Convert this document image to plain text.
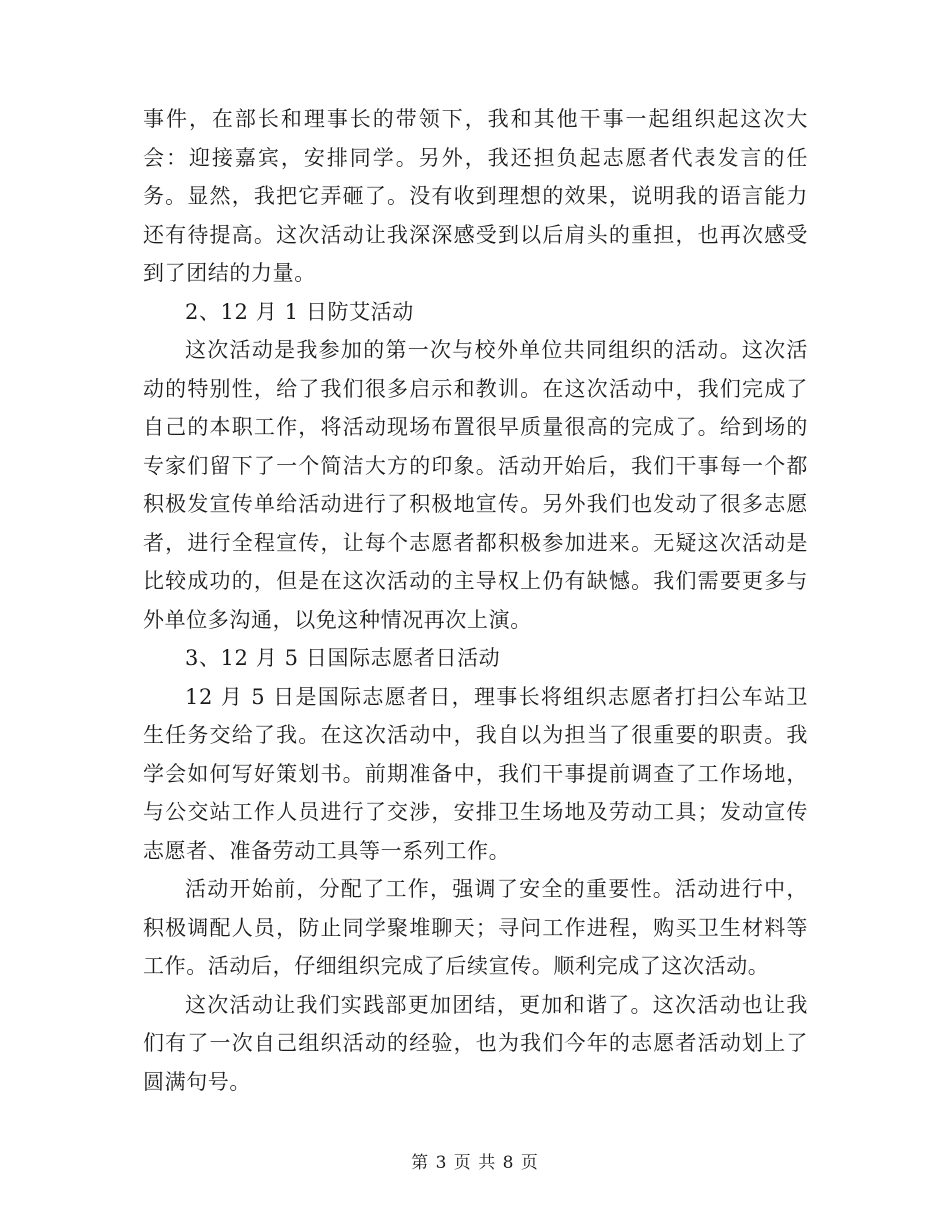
事件，在部长和理事长的带领下，我和其他干事一起组织起这次大会：迎接嘉宾，安排同学。另外，我还担负起志愿者代表发言的任务。显然，我把它弄砸了。没有收到理想的效果，说明我的语言能力还有待提高。这次活动让我深深感受到以后肩头的重担，也再次感受到了团结的力量。

2、12 月 1 日防艾活动

这次活动是我参加的第一次与校外单位共同组织的活动。这次活动的特别性，给了我们很多启示和教训。在这次活动中，我们完成了自己的本职工作，将活动现场布置很早质量很高的完成了。给到场的专家们留下了一个简洁大方的印象。活动开始后，我们干事每一个都积极发宣传单给活动进行了积极地宣传。另外我们也发动了很多志愿者，进行全程宣传，让每个志愿者都积极参加进来。无疑这次活动是比较成功的，但是在这次活动的主导权上仍有缺憾。我们需要更多与外单位多沟通，以免这种情况再次上演。

3、12 月 5 日国际志愿者日活动

12 月 5 日是国际志愿者日，理事长将组织志愿者打扫公车站卫生任务交给了我。在这次活动中，我自以为担当了很重要的职责。我学会如何写好策划书。前期准备中，我们干事提前调查了工作场地，与公交站工作人员进行了交涉，安排卫生场地及劳动工具；发动宣传志愿者、准备劳动工具等一系列工作。

活动开始前，分配了工作，强调了安全的重要性。活动进行中，积极调配人员，防止同学聚堆聊天；寻问工作进程，购买卫生材料等工作。活动后，仔细组织完成了后续宣传。顺利完成了这次活动。

这次活动让我们实践部更加团结，更加和谐了。这次活动也让我们有了一次自己组织活动的经验，也为我们今年的志愿者活动划上了圆满句号。

第 3 页 共 8 页
